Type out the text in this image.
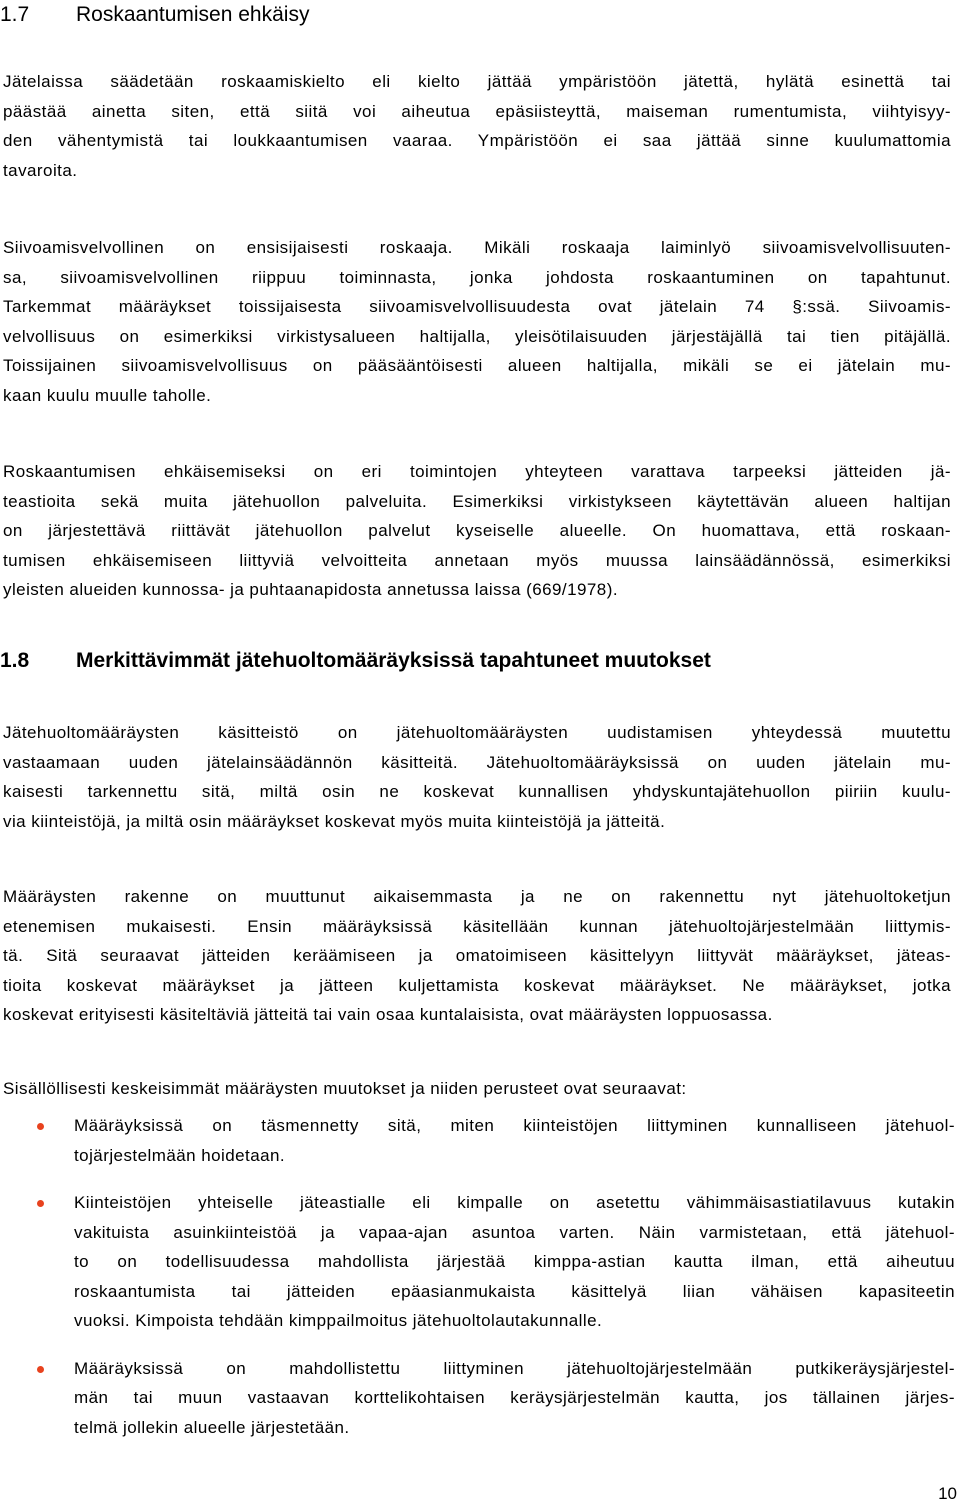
1.7 Roskaantumisen ehkäisy

Jätelaissa säädetään roskaamiskielto eli kielto jättää ympäristöön jätettä, hylätä esinettä tai
päästää ainetta siten, että siitä voi aiheutua epäsiisteyttä, maiseman rumentumista, viihtyisyy-
den vähentymistä tai loukkaantumisen vaaraa. Ympäristöön ei saa jättää sinne kuulumattomia
tavaroita.

Siivoamisvelvollinen on ensisijaisesti roskaaja. Mikäli roskaaja laiminlyö siivoamisvelvollisuuten-
sa, siivoamisvelvollinen riippuu toiminnasta, jonka johdosta roskaantuminen on tapahtunut.
Tarkemmat määräykset toissijaisesta siivoamisvelvollisuudesta ovat jätelain 74 §:ssä. Siivoamis-
velvollisuus on esimerkiksi virkistysalueen haltijalla, yleisötilaisuuden järjestäjällä tai tien pitäjällä.
Toissijainen siivoamisvelvollisuus on pääsääntöisesti alueen haltijalla, mikäli se ei jätelain mu-
kaan kuulu muulle taholle.

Roskaantumisen ehkäisemiseksi on eri toimintojen yhteyteen varattava tarpeeksi jätteiden jä-
teastioita sekä muita jätehuollon palveluita. Esimerkiksi virkistykseen käytettävän alueen haltijan
on järjestettävä riittävät jätehuollon palvelut kyseiselle alueelle. On huomattava, että roskaan-
tumisen ehkäisemiseen liittyviä velvoitteita annetaan myös muussa lainsäädännössä, esimerkiksi
yleisten alueiden kunnossa- ja puhtaanapidosta annetussa laissa (669/1978).

1.8 Merkittävimmät jätehuoltomääräyksissä tapahtuneet muutokset

Jätehuoltomääräysten käsitteistö on jätehuoltomääräysten uudistamisen yhteydessä muutettu
vastaamaan uuden jätelainsäädännön käsitteitä. Jätehuoltomääräyksissä on uuden jätelain mu-
kaisesti tarkennettu sitä, miltä osin ne koskevat kunnallisen yhdyskuntajätehuollon piiriin kuulu-
via kiinteistöjä, ja miltä osin määräykset koskevat myös muita kiinteistöjä ja jätteitä.

Määräysten rakenne on muuttunut aikaisemmasta ja ne on rakennettu nyt jätehuoltoketjun
etenemisen mukaisesti. Ensin määräyksissä käsitellään kunnan jätehuoltojärjestelmään liittymis-
tä. Sitä seuraavat jätteiden keräämiseen ja omatoimiseen käsittelyyn liittyvät määräykset, jäteas-
tioita koskevat määräykset ja jätteen kuljettamista koskevat määräykset. Ne määräykset, jotka
koskevat erityisesti käsiteltäviä jätteitä tai vain osaa kuntalaisista, ovat määräysten loppuosassa.

Sisällöllisesti keskeisimmät määräysten muutokset ja niiden perusteet ovat seuraavat:

Määräyksissä on täsmennetty sitä, miten kiinteistöjen liittyminen kunnalliseen jätehuol-
tojärjestelmään hoidetaan.
Kiinteistöjen yhteiselle jäteastialle eli kimpalle on asetettu vähimmäisastiatilavuus kutakin
vakituista asuinkiinteistöä ja vapaa-ajan asuntoa varten. Näin varmistetaan, että jätehuol-
to on todellisuudessa mahdollista järjestää kimppa-astian kautta ilman, että aiheutuu
roskaantumista tai jätteiden epäasianmukaista käsittelyä liian vähäisen kapasiteetin
vuoksi. Kimpoista tehdään kimppailmoitus jätehuoltolautakunnalle.
Määräyksissä on mahdollistettu liittyminen jätehuoltojärjestelmään putkikeräysjärjestel-
män tai muun vastaavan korttelikohtaisen keräysjärjestelmän kautta, jos tällainen järjes-
telmä jollekin alueelle järjestetään.
10
